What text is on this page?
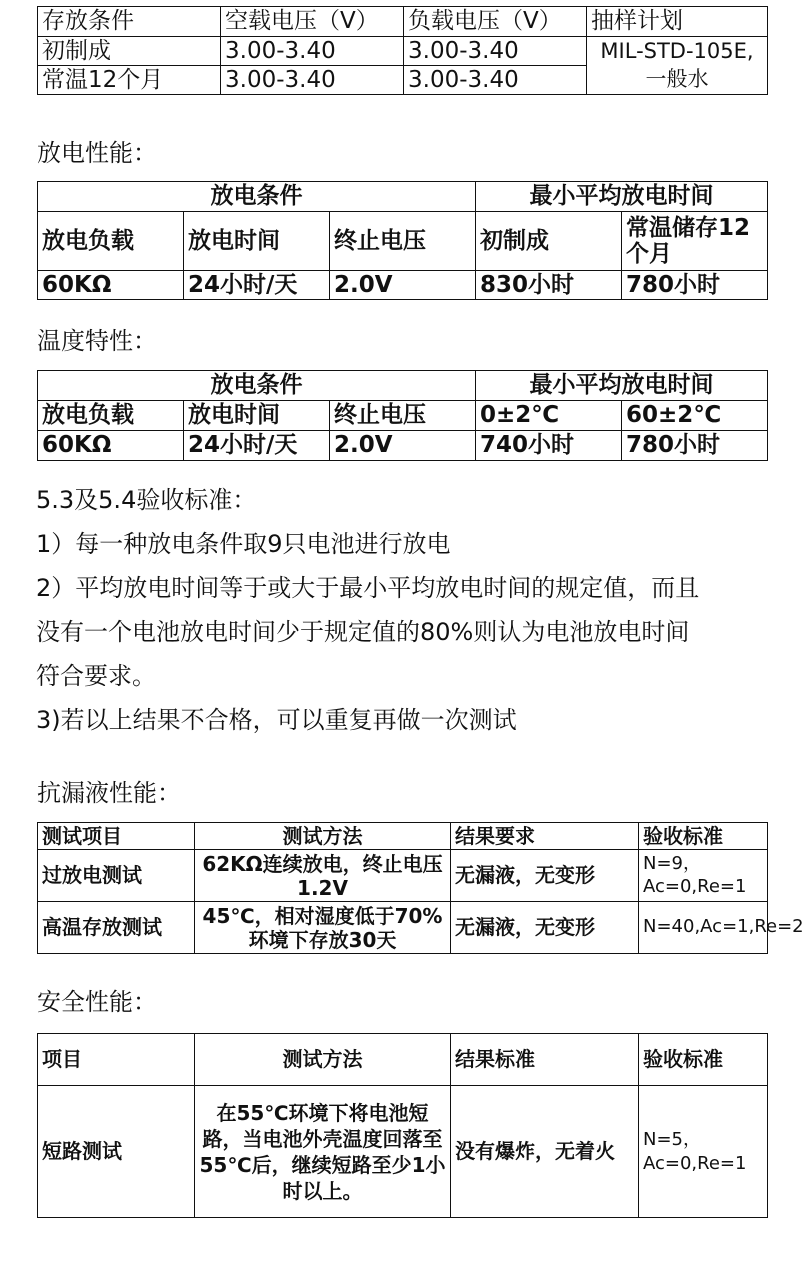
存放条件	空载电压（V）	负载电压（V）	抽样计划
初制成	3.00-3.40	3.00-3.40	MIL-STD-105E,一般水
常温12个月	3.00-3.40	3.00-3.40	
放电性能：
放电条件			最小平均放电时间	
放电负载	放电时间	终止电压	初制成	常温储存12个月
60KΩ	24小时/天	2.0V	830小时	780小时
温度特性：
放电条件			最小平均放电时间	
放电负载	放电时间	终止电压	0±2℃	60±2℃
60KΩ	24小时/天	2.0V	740小时	780小时
5.3及5.4验收标准：
1）每一种放电条件取9只电池进行放电
2）平均放电时间等于或大于最小平均放电时间的规定值，而且
没有一个电池放电时间少于规定值的80%则认为电池放电时间
符合要求。
3)若以上结果不合格，可以重复再做一次测试
抗漏液性能：
测试项目	测试方法	结果要求	验收标准
过放电测试	62KΩ连续放电，终止电压1.2V	无漏液，无变形	N=9，Ac=0,Re=1
高温存放测试	45℃，相对湿度低于70%环境下存放30天	无漏液，无变形	N=40,Ac=1,Re=2
安全性能：
项目	测试方法	结果标准	验收标准
短路测试	在55℃环境下将电池短路，当电池外壳温度回落至55℃后，继续短路至少1小时以上。	没有爆炸，无着火	N=5，Ac=0,Re=1
